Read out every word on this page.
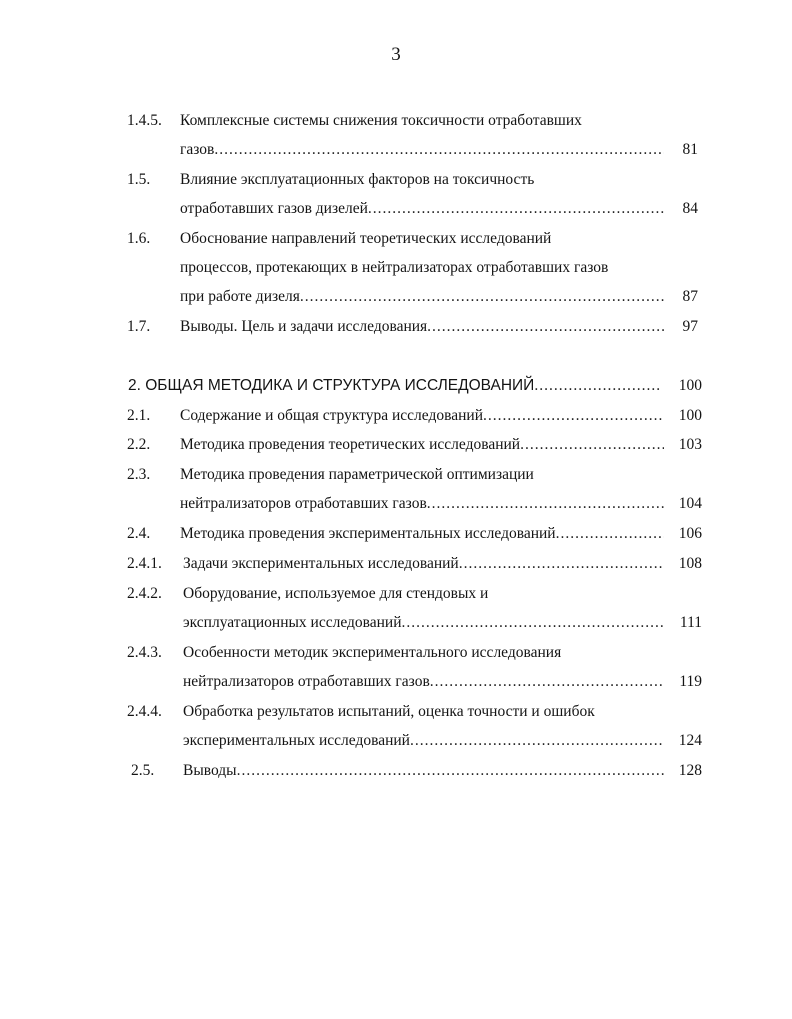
3
1.4.5. Комплексные системы снижения токсичности отработавших
газов .....	81
1.5. Влияние эксплуатационных факторов на токсичность
отработавших газов дизелей .....	84
1.6. Обоснование направлений теоретических исследований
процессов, протекающих в нейтрализаторах отработавших газов
при работе дизеля .....	87
1.7. Выводы. Цель и задачи исследования .....	97
2. ОБЩАЯ МЕТОДИКА И СТРУКТУРА ИССЛЕДОВАНИЙ .....	100
2.1. Содержание и общая структура исследований .....	100
2.2. Методика проведения теоретических исследований .....	103
2.3. Методика проведения параметрической оптимизации
нейтрализаторов отработавших газов .....	104
2.4. Методика проведения экспериментальных исследований .....	106
2.4.1. Задачи экспериментальных исследований .....	108
2.4.2. Оборудование, используемое для стендовых и
эксплуатационных исследований .....	111
2.4.3. Особенности методик экспериментального исследования
нейтрализаторов отработавших газов .....	119
2.4.4. Обработка результатов испытаний, оценка точности и ошибок
экспериментальных исследований .....	124
2.5. Выводы .....	128
